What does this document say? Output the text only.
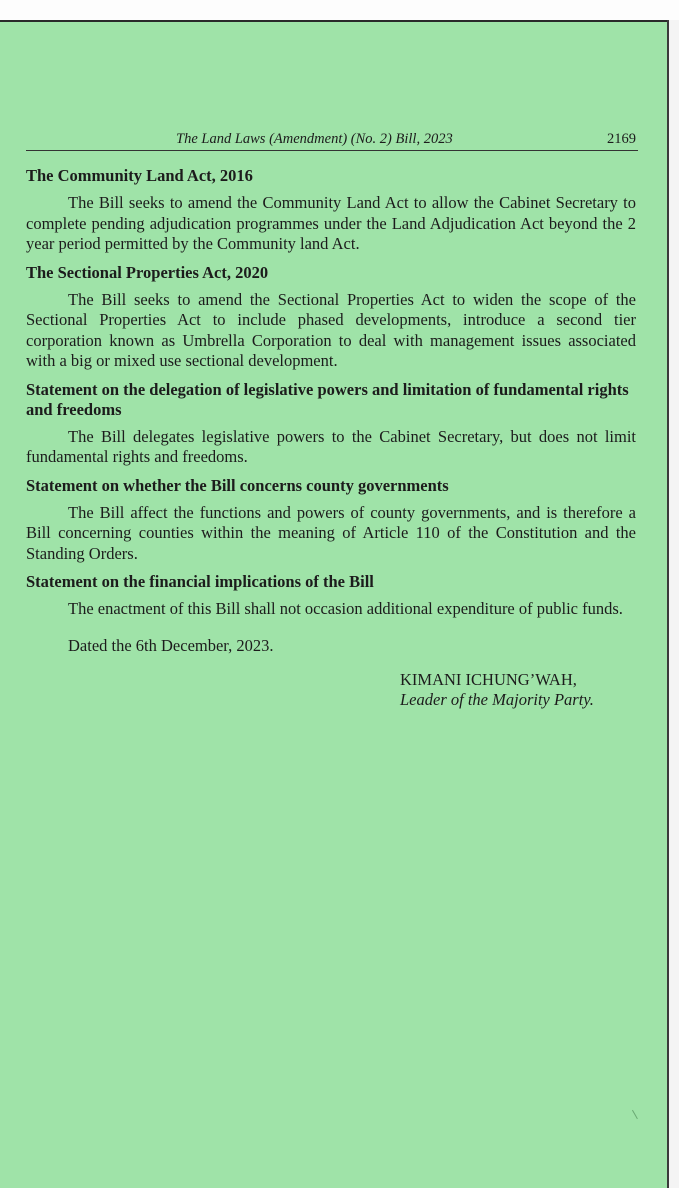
The Land Laws (Amendment) (No. 2) Bill, 2023	2169

The Community Land Act, 2016

The Bill seeks to amend the Community Land Act to allow the Cabinet Secretary to complete pending adjudication programmes under the Land Adjudication Act beyond the 2 year period permitted by the Community land Act.

The Sectional Properties Act, 2020

The Bill seeks to amend the Sectional Properties Act to widen the scope of the Sectional Properties Act to include phased developments, introduce a second tier corporation known as Umbrella Corporation to deal with management issues associated with a big or mixed use sectional development.

Statement on the delegation of legislative powers and limitation of fundamental rights and freedoms

The Bill delegates legislative powers to the Cabinet Secretary, but does not limit fundamental rights and freedoms.

Statement on whether the Bill concerns county governments

The Bill affect the functions and powers of county governments, and is therefore a Bill concerning counties within the meaning of Article 110 of the Constitution and the Standing Orders.

Statement on the financial implications of the Bill

The enactment of this Bill shall not occasion additional expenditure of public funds.

Dated the 6th December, 2023.

KIMANI ICHUNG’WAH,
Leader of the Majority Party.
